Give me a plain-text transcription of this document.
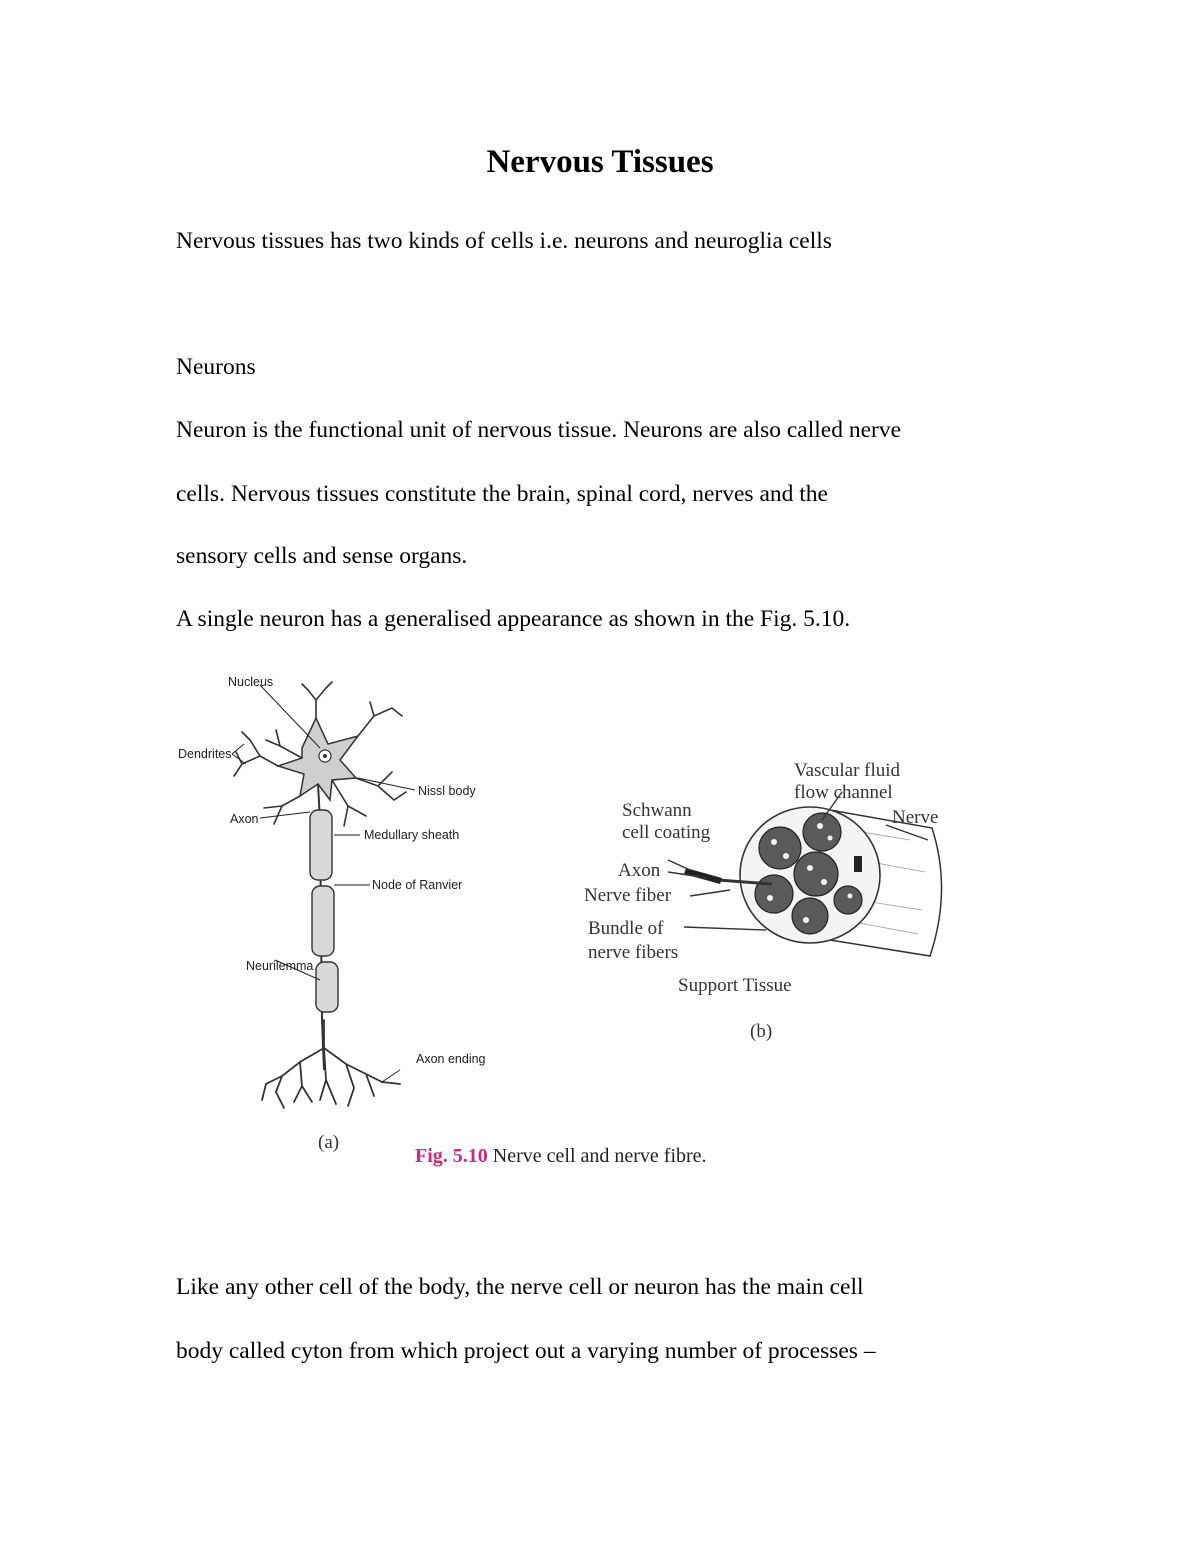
Nervous Tissues

Nervous tissues has two kinds of cells i.e. neurons and neuroglia cells

Neurons

Neuron is the functional unit of nervous tissue. Neurons are also called nerve

cells. Nervous tissues constitute the brain, spinal cord, nerves and the

sensory cells and sense organs.

A single neuron has a generalised appearance as shown in the Fig. 5.10.

Nucleus
Dendrites
Nissl body
Axon
Medullary sheath
Node of Ranvier
Neurilemma
Axon ending
(a)
Vascular fluid
flow channel
Nerve
Schwann
cell coating
Axon
Nerve fiber
Bundle of
nerve fibers
Support Tissue
(b)
Fig. 5.10 Nerve cell and nerve fibre.

Like any other cell of the body, the nerve cell or neuron has the main cell

body called cyton from which project out a varying number of processes –
